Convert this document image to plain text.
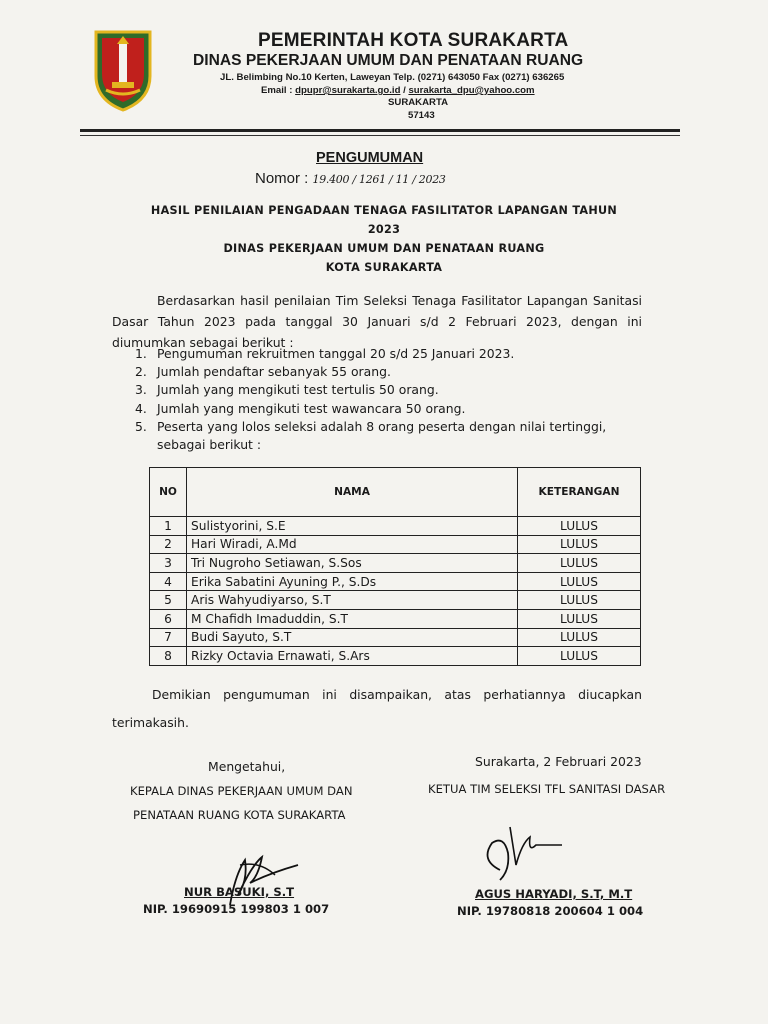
PEMERINTAH KOTA SURAKARTA
DINAS PEKERJAAN UMUM DAN PENATAAN RUANG
JL. Belimbing No.10 Kerten, Laweyan Telp. (0271) 643050 Fax (0271) 636265
Email : dpupr@surakarta.go.id / surakarta_dpu@yahoo.com
SURAKARTA
57143
PENGUMUMAN
Nomor : 19.400 / 1261 / 11 / 2023
HASIL PENILAIAN PENGADAAN TENAGA FASILITATOR LAPANGAN TAHUN
2023
DINAS PEKERJAAN UMUM DAN PENATAAN RUANG
KOTA SURAKARTA
Berdasarkan hasil penilaian Tim Seleksi Tenaga Fasilitator Lapangan Sanitasi Dasar Tahun 2023 pada tanggal 30 Januari s/d 2 Februari 2023, dengan ini diumumkan sebagai berikut :
1. Pengumuman rekruitmen tanggal 20 s/d 25 Januari 2023.
2. Jumlah pendaftar sebanyak 55 orang.
3. Jumlah yang mengikuti test tertulis 50 orang.
4. Jumlah yang mengikuti test wawancara 50 orang.
5. Peserta yang lolos seleksi adalah 8 orang peserta dengan nilai tertinggi, sebagai berikut :
NO	NAMA	KETERANGAN
1	Sulistyorini, S.E	LULUS
2	Hari Wiradi, A.Md	LULUS
3	Tri Nugroho Setiawan, S.Sos	LULUS
4	Erika Sabatini Ayuning P., S.Ds	LULUS
5	Aris Wahyudiyarso, S.T	LULUS
6	M Chafidh Imaduddin, S.T	LULUS
7	Budi Sayuto, S.T	LULUS
8	Rizky Octavia Ernawati, S.Ars	LULUS
Demikian pengumuman ini disampaikan, atas perhatiannya diucapkan terimakasih.
Mengetahui,
KEPALA DINAS PEKERJAAN UMUM DAN
PENATAAN RUANG KOTA SURAKARTA
Surakarta, 2 Februari 2023
KETUA TIM SELEKSI TFL SANITASI DASAR
NUR BASUKI, S.T
NIP. 19690915 199803 1 007
AGUS HARYADI, S.T, M.T
NIP. 19780818 200604 1 004
